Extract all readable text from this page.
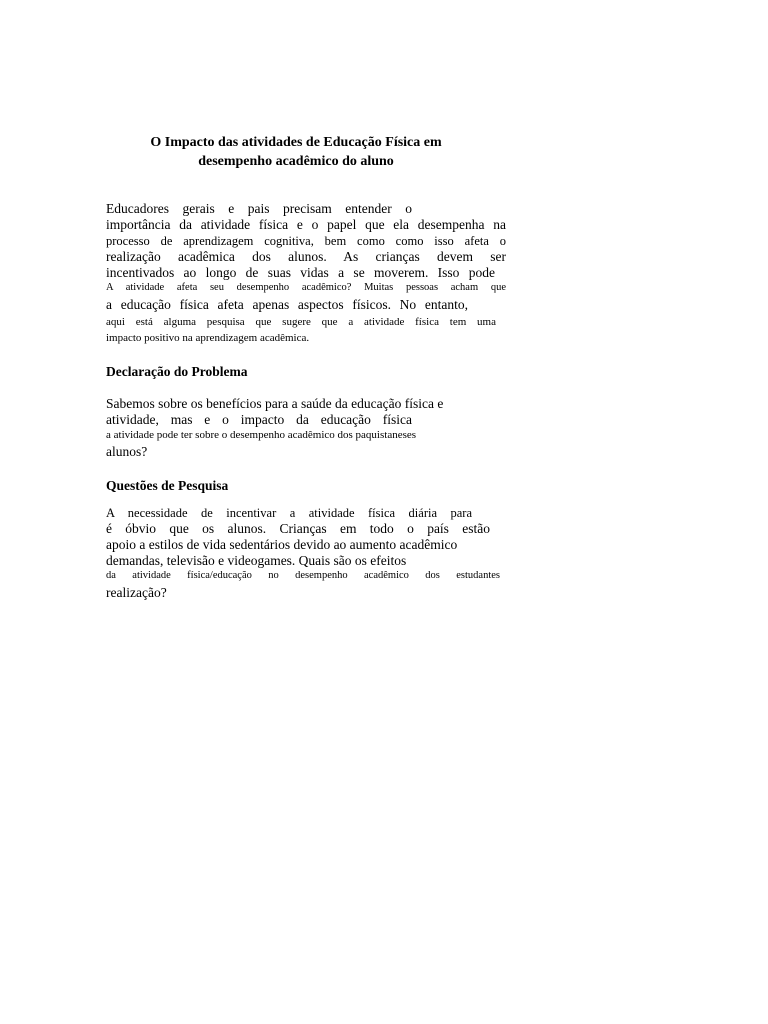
O Impacto das atividades de Educação Física em
desempenho acadêmico do aluno
Educadores gerais e pais precisam entender o
importância da atividade física e o papel que ela desempenha na
processo de aprendizagem cognitiva, bem como como isso afeta o
realização acadêmica dos alunos. As crianças devem ser
incentivados ao longo de suas vidas a se moverem. Isso pode
A atividade afeta seu desempenho acadêmico? Muitas pessoas acham que
a educação física afeta apenas aspectos físicos. No entanto,
aqui está alguma pesquisa que sugere que a atividade física tem uma
impacto positivo na aprendizagem acadêmica.
Declaração do Problema
Sabemos sobre os benefícios para a saúde da educação física e
atividade, mas e o impacto da educação física
a atividade pode ter sobre o desempenho acadêmico dos paquistaneses
alunos?
Questões de Pesquisa
A necessidade de incentivar a atividade física diária para
é óbvio que os alunos. Crianças em todo o país estão
apoio a estilos de vida sedentários devido ao aumento acadêmico
demandas, televisão e videogames. Quais são os efeitos
da atividade física/educação no desempenho acadêmico dos estudantes
realização?
